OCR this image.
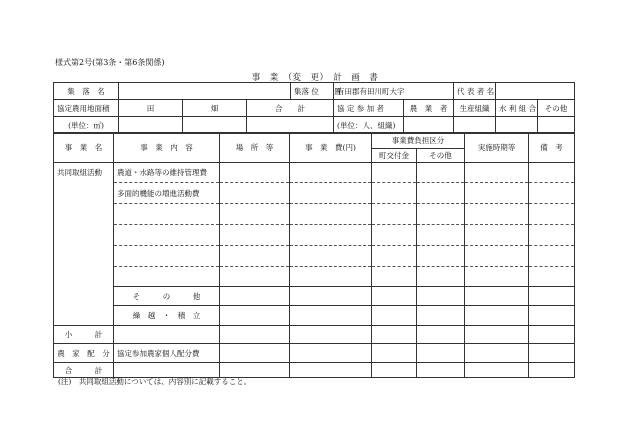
様式第2号(第3条・第6条関係)
事　業　（変　更）　計　画　書
集　落　名				集落 位　　置	有田郡有田川町大字		代 表 者 名		
協定農用地面積	田	畑	合　　計		協 定 参 加 者	農　業　者	生産組織	水 利 組 合	その他
(単位：㎡)					(単位：人、組織)				
事　業　名	事　業　内　容	場　所　等	事　業　費(円)	事業費負担区分		実施時期等	備　考
				町交付金	その他		
共同取組活動	農道・水路等の維持管理費						
	多面的機能の増進活動費						

	そ　　　の　　　他						
	繰　越　・　積　立						
小　　　計							
農　家　配　分	協定参加農家個人配分費						
合　　　計							
(注)　共同取組活動については、内容別に記載すること。
